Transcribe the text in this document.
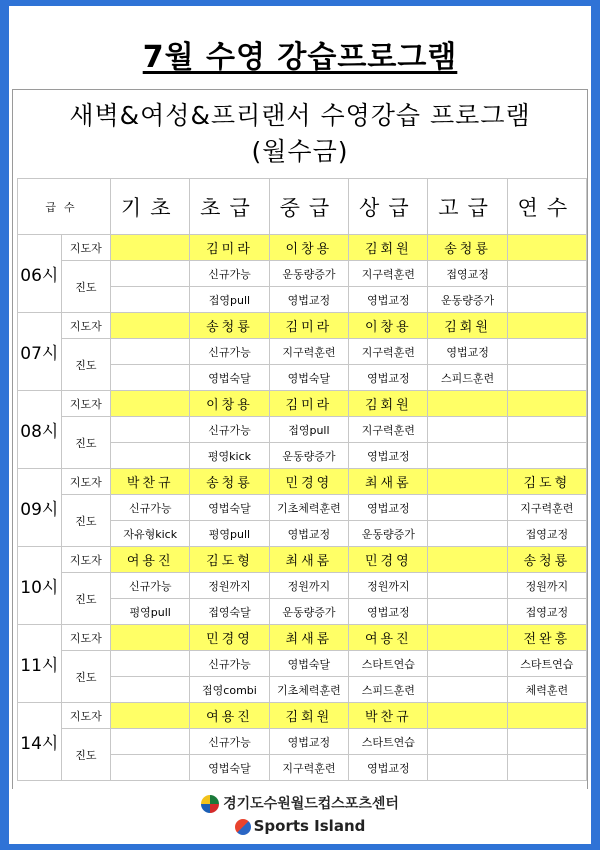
7월 수영 강습프로그램
새벽&여성&프리랜서 수영강습 프로그램
(월수금)
급수		기초	초급	중급	상급	고급	연수
06시	지도자		김미라	이창용	김회원	송청룡	
	진도		신규가능	운동량증가	지구력훈련	접영교정	
			접영pull	영법교정	영법교정	운동량증가	
07시	지도자		송청룡	김미라	이창용	김회원	
	진도		신규가능	지구력훈련	지구력훈련	영법교정	
			영법숙달	영법숙달	영법교정	스피드훈련	
08시	지도자		이창용	김미라	김회원		
	진도		신규가능	접영pull	지구력훈련		
			평영kick	운동량증가	영법교정		
09시	지도자	박찬규	송청룡	민경영	최새롬		김도형
	진도	신규가능	영법숙달	기초체력훈련	영법교정		지구력훈련
		자유형kick	평영pull	영법교정	운동량증가		접영교정
10시	지도자	여용진	김도형	최새롬	민경영		송청룡
	진도	신규가능	정원까지	정원까지	정원까지		정원까지
		평영pull	접영숙달	운동량증가	영법교정		접영교정
11시	지도자		민경영	최새롬	여용진		전완흥
	진도		신규가능	영법숙달	스타트연습		스타트연습
			접영combi	기초체력훈련	스피드훈련		체력훈련
14시	지도자		여용진	김회원	박찬규		
	진도		신규가능	영법교정	스타트연습		
			영법숙달	지구력훈련	영법교정		
경기도수원월드컵스포츠센터
Sports Island
